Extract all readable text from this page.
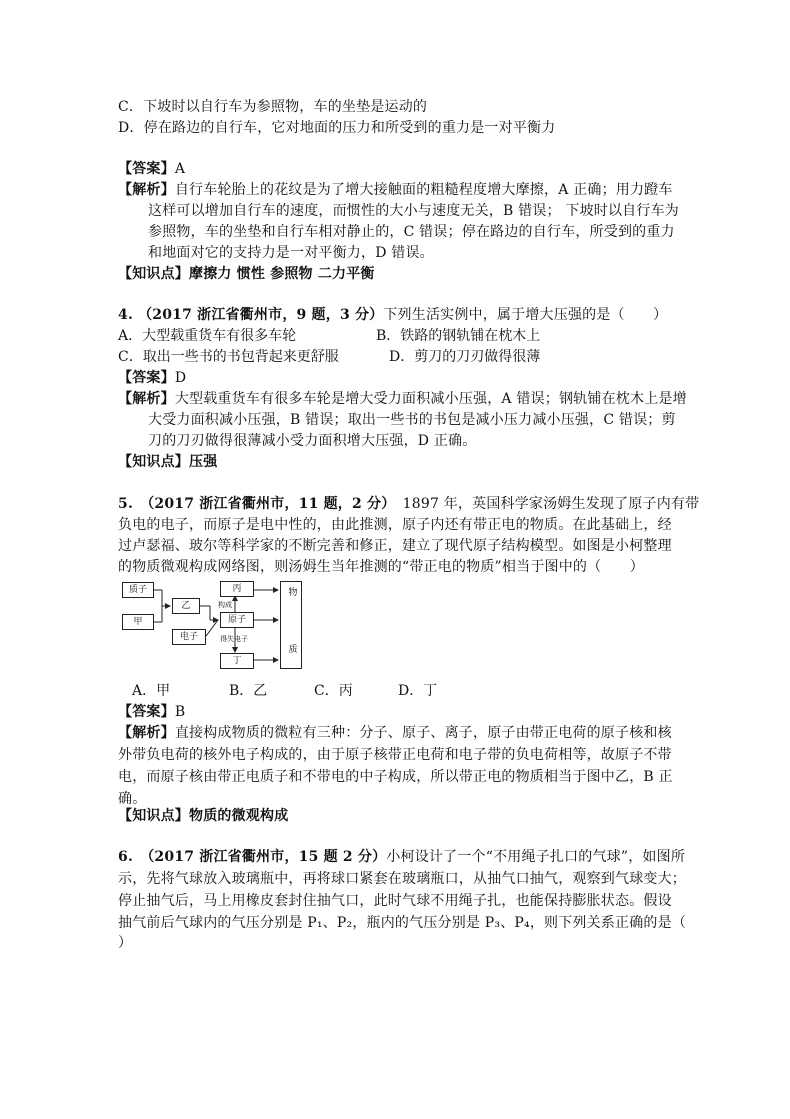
C．下坡时以自行车为参照物，车的坐垫是运动的
D．停在路边的自行车，它对地面的压力和所受到的重力是一对平衡力
【答案】A
【解析】自行车轮胎上的花纹是为了增大接触面的粗糙程度增大摩擦，A 正确；用力蹬车
这样可以增加自行车的速度，而惯性的大小与速度无关，B 错误； 下坡时以自行车为
参照物，车的坐垫和自行车相对静止的，C 错误；停在路边的自行车，所受到的重力
和地面对它的支持力是一对平衡力，D 错误。
【知识点】摩擦力 惯性 参照物 二力平衡
4. （2017 浙江省衢州市，9 题，3 分）下列生活实例中，属于增大压强的是（　　）
A．大型载重货车有很多车轮	B．铁路的钢轨铺在枕木上
C．取出一些书的书包背起来更舒服	D．剪刀的刀刃做得很薄
【答案】D
【解析】大型载重货车有很多车轮是增大受力面积减小压强，A 错误；钢轨铺在枕木上是增
大受力面积减小压强，B 错误；取出一些书的书包是减小压力减小压强，C 错误；剪
刀的刀刃做得很薄减小受力面积增大压强，D 正确。
【知识点】压强
5.　（2017 浙江省衢州市，11 题，2 分）　1897 年，英国科学家汤姆生发现了原子内有带
负电的电子，而原子是电中性的，由此推测，原子内还有带正电的物质。在此基础上，经
过卢瑟福、玻尔等科学家的不断完善和修正，建立了现代原子结构模型。如图是小柯整理
的物质微观构成网络图，则汤姆生当年推测的“带正电的物质”相当于图中的（　　）
质子
甲
乙
电子
丙
原子
丁	物　　质
构成
得失电子
A．甲	B．乙	C．丙	D．丁
【答案】B
【解析】直接构成物质的微粒有三种：分子、原子、离子，原子由带正电荷的原子核和核
外带负电荷的核外电子构成的，由于原子核带正电荷和电子带的负电荷相等，故原子不带
电，而原子核由带正电质子和不带电的中子构成，所以带正电的物质相当于图中乙，B 正
确。
【知识点】物质的微观构成
6.　（2017 浙江省衢州市，15 题 2 分）小柯设计了一个“不用绳子扎口的气球”，如图所
示，先将气球放入玻璃瓶中，再将球口紧套在玻璃瓶口，从抽气口抽气，观察到气球变大；
停止抽气后，马上用橡皮套封住抽气口，此时气球不用绳子扎，也能保持膨胀状态。假设
抽气前后气球内的气压分别是 P₁、P₂，瓶内的气压分别是 P₃、P₄，则下列关系正确的是（
）
